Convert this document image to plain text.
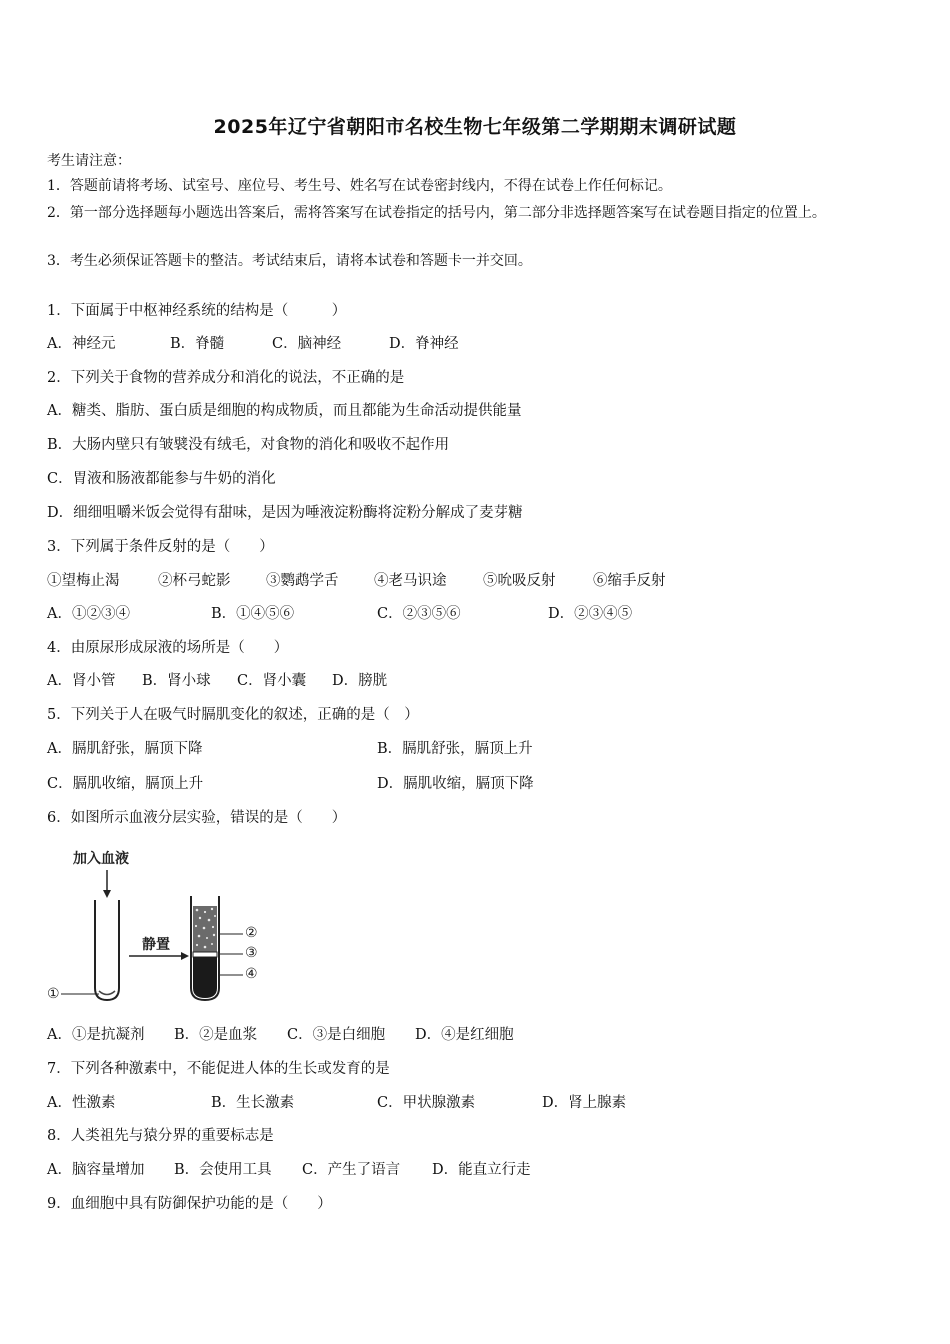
2025年辽宁省朝阳市名校生物七年级第二学期期末调研试题
考生请注意：
1．答题前请将考场、试室号、座位号、考生号、姓名写在试卷密封线内，不得在试卷上作任何标记。
2．第一部分选择题每小题选出答案后，需将答案写在试卷指定的括号内，第二部分非选择题答案写在试卷题目指定的位置上。
3．考生必须保证答题卡的整洁。考试结束后，请将本试卷和答题卡一并交回。
1．下面属于中枢神经系统的结构是（　　　）
A．神经元	B．脊髓	C．脑神经	D．脊神经
2．下列关于食物的营养成分和消化的说法，不正确的是
A．糖类、脂肪、蛋白质是细胞的构成物质，而且都能为生命活动提供能量
B．大肠内壁只有皱襞没有绒毛，对食物的消化和吸收不起作用
C．胃液和肠液都能参与牛奶的消化
D．细细咀嚼米饭会觉得有甜味，是因为唾液淀粉酶将淀粉分解成了麦芽糖
3．下列属于条件反射的是（　　）
①望梅止渴	②杯弓蛇影 ③鹦鹉学舌 ④老马识途	⑤吮吸反射	⑥缩手反射
A．①②③④	B．①④⑤⑥	C．②③⑤⑥	D．②③④⑤
4．由原尿形成尿液的场所是（　　）
A．肾小管 B．肾小球 C．肾小囊 D．膀胱
5．下列关于人在吸气时膈肌变化的叙述，正确的是（　）
A．膈肌舒张，膈顶下降	B．膈肌舒张，膈顶上升
C．膈肌收缩，膈顶上升	D．膈肌收缩，膈顶下降
6．如图所示血液分层实验，错误的是（　　）
加入血液
静置
①
②
③
④
A．①是抗凝剂 B．②是血浆 C．③是白细胞 D．④是红细胞
7．下列各种激素中，不能促进人体的生长或发育的是
A．性激素	B．生长激素	C．甲状腺激素	D．肾上腺素
8．人类祖先与猿分界的重要标志是
A．脑容量增加 B．会使用工具 C．产生了语言 D．能直立行走
9．血细胞中具有防御保护功能的是（　　）
